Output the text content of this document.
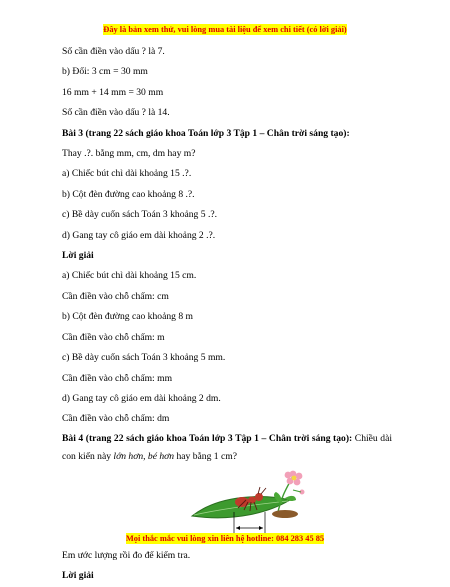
Đây là bản xem thử, vui lòng mua tài liệu để xem chi tiết (có lời giải)
Số cần điền vào dấu ? là 7.
b) Đổi: 3 cm = 30 mm
16 mm + 14 mm = 30 mm
Số cần điền vào dấu ? là 14.
Bài 3 (trang 22 sách giáo khoa Toán lớp 3 Tập 1 – Chân trời sáng tạo):
Thay .?. bằng mm, cm, dm hay m?
a) Chiếc bút chì dài khoảng 15 .?.
b) Cột đèn đường cao khoảng 8 .?.
c) Bề dày cuốn sách Toán 3 khoảng 5 .?.
d) Gang tay cô giáo em dài khoảng 2 .?.
Lời giải
a) Chiếc bút chì dài khoảng 15 cm.
Cần điền vào chỗ chấm: cm
b) Cột đèn đường cao khoảng 8 m
Cần điền vào chỗ chấm: m
c) Bề dày cuốn sách Toán 3 khoảng 5 mm.
Cần điền vào chỗ chấm: mm
d) Gang tay cô giáo em dài khoảng 2 dm.
Cần điền vào chỗ chấm: dm
Bài 4 (trang 22 sách giáo khoa Toán lớp 3 Tập 1 – Chân trời sáng tạo): Chiều dài con kiến này lớn hơn, bé hơn hay bằng 1 cm?
Em ước lượng rồi đo để kiểm tra.
Lời giải
Mọi thắc mắc vui lòng xin liên hệ hotline: 084 283 45 85
